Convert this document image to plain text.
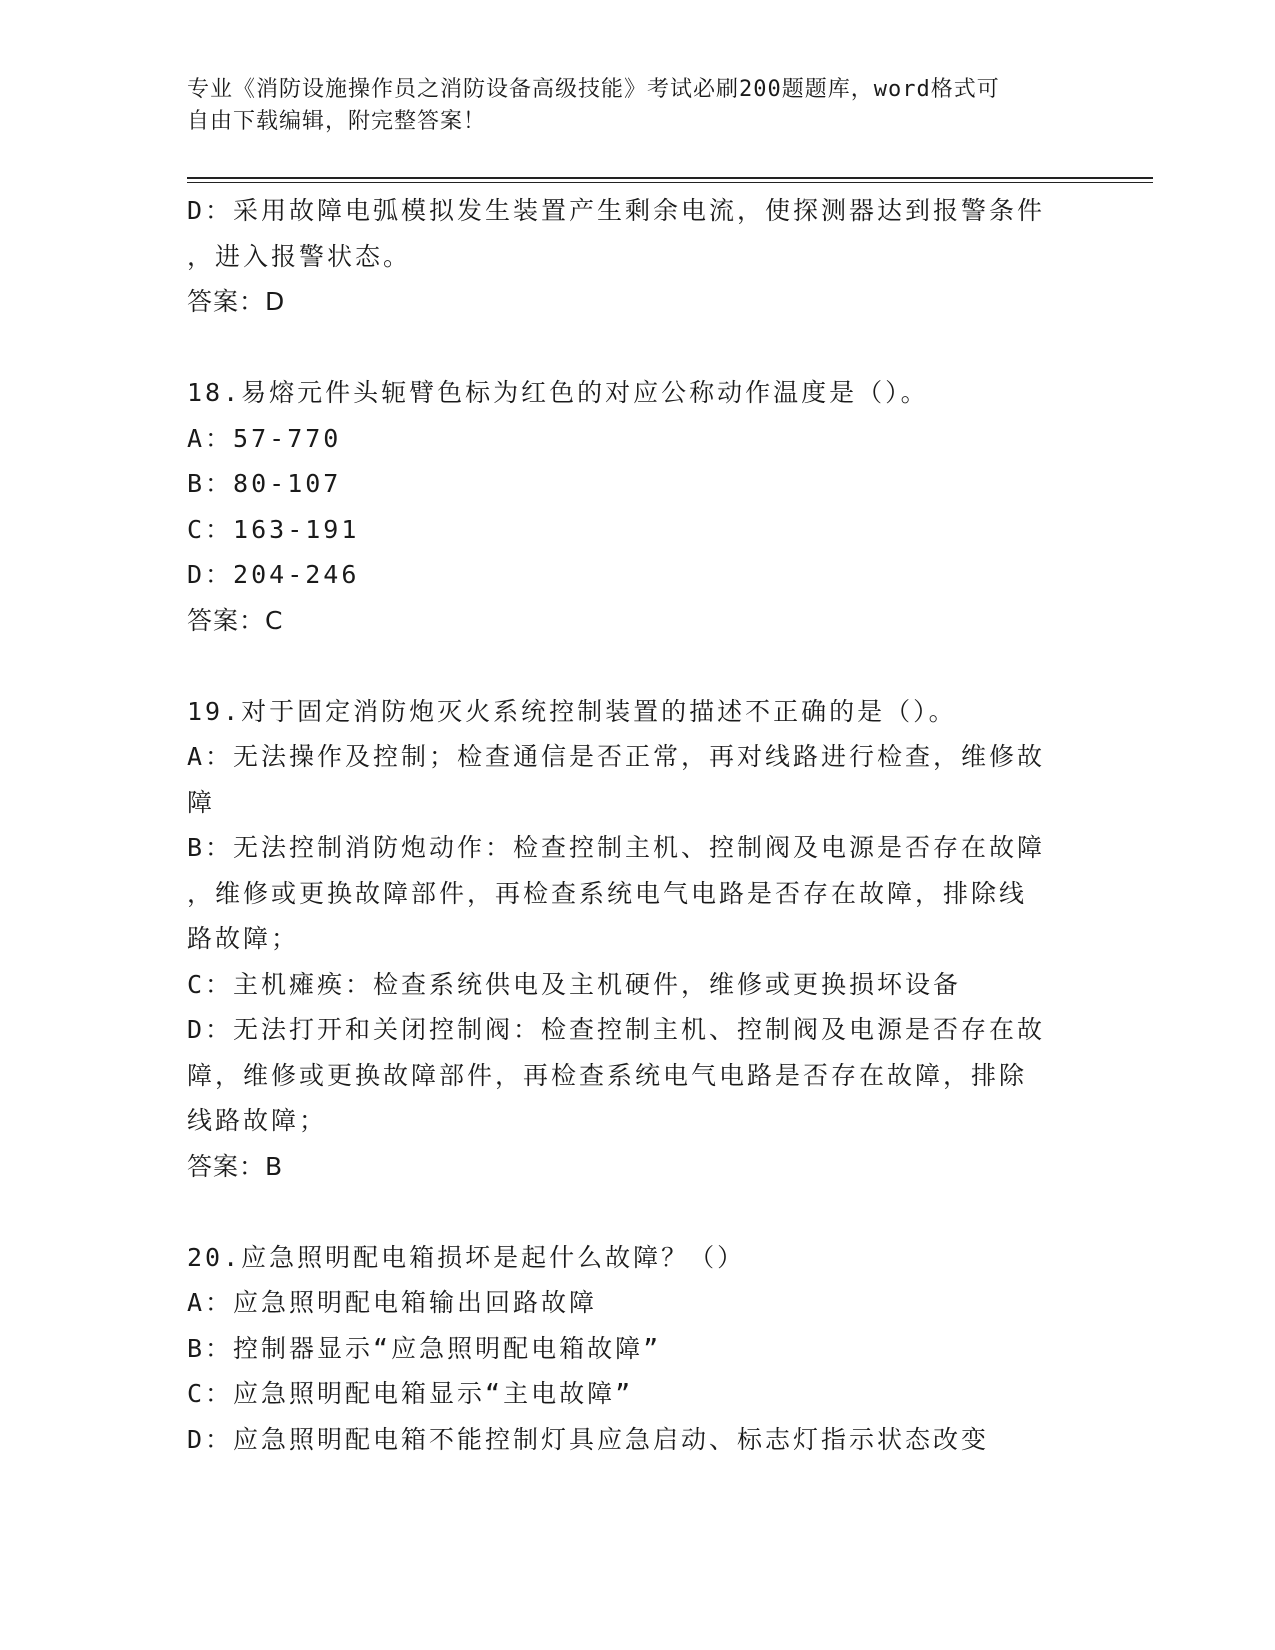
专业《消防设施操作员之消防设备高级技能》考试必刷200题题库，word格式可

自由下载编辑，附完整答案！

D：采用故障电弧模拟发生装置产生剩余电流，使探测器达到报警条件
，进入报警状态。
答案：D
18.易熔元件头轭臂色标为红色的对应公称动作温度是（）。
A：57-770
B：80-107
C：163-191
D：204-246
答案：C
19.对于固定消防炮灭火系统控制装置的描述不正确的是（）。
A：无法操作及控制；检查通信是否正常，再对线路进行检查，维修故
障
B：无法控制消防炮动作：检查控制主机、控制阀及电源是否存在故障
，维修或更换故障部件，再检查系统电气电路是否存在故障，排除线
路故障；
C：主机瘫痪：检查系统供电及主机硬件，维修或更换损坏设备
D：无法打开和关闭控制阀：检查控制主机、控制阀及电源是否存在故
障，维修或更换故障部件，再检查系统电气电路是否存在故障，排除
线路故障；
答案：B
20.应急照明配电箱损坏是起什么故障？（）
A：应急照明配电箱输出回路故障
B：控制器显示“应急照明配电箱故障”
C：应急照明配电箱显示“主电故障”
D：应急照明配电箱不能控制灯具应急启动、标志灯指示状态改变
